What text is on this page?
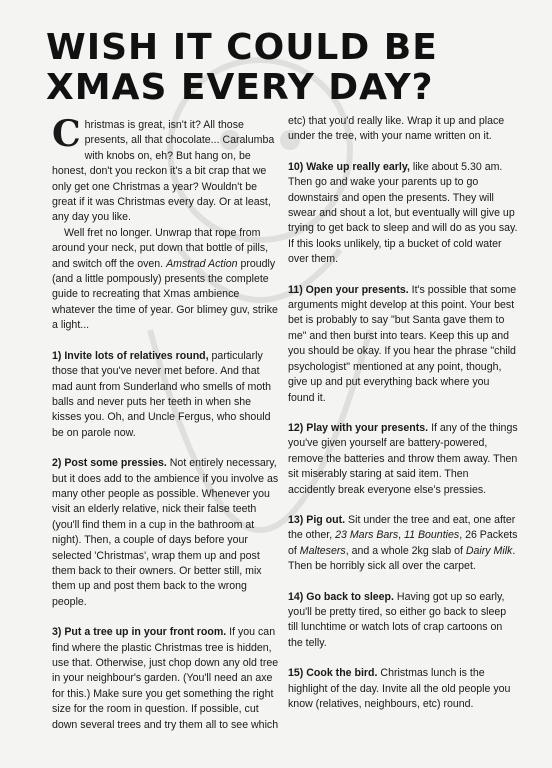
WISH IT COULD BE
XMAS EVERY DAY?

Christmas is great, isn't it? All those presents, all that chocolate... Caralumba with knobs on, eh? But hang on, be honest, don't you reckon it's a bit crap that we only get one Christmas a year? Wouldn't be great if it was Christmas every day. Or at least, any day you like.

Well fret no longer. Unwrap that rope from around your neck, put down that bottle of pills, and switch off the oven. Amstrad Action proudly (and a little pompously) presents the complete guide to recreating that Xmas ambience whatever the time of year. Gor blimey guv, strike a light...

1) Invite lots of relatives round, particularly those that you've never met before. And that mad aunt from Sunderland who smells of moth balls and never puts her teeth in when she kisses you. Oh, and Uncle Fergus, who should be on parole now.

2) Post some pressies. Not entirely necessary, but it does add to the ambience if you involve as many other people as possible. Whenever you visit an elderly relative, nick their false teeth (you'll find them in a cup in the bathroom at night). Then, a couple of days before your selected 'Christmas', wrap them up and post them back to their owners. Or better still, mix them up and post them back to the wrong people.

3) Put a tree up in your front room. If you can find where the plastic Christmas tree is hidden, use that. Otherwise, just chop down any old tree in your neighbour's garden. (You'll need an axe for this.) Make sure you get something the right size for the room in question. If possible, cut down several trees and try them all to see which

etc) that you'd really like. Wrap it up and place under the tree, with your name written on it.

10) Wake up really early, like about 5.30 am. Then go and wake your parents up to go downstairs and open the presents. They will swear and shout a lot, but eventually will give up trying to get back to sleep and will do as you say. If this looks unlikely, tip a bucket of cold water over them.

11) Open your presents. It's possible that some arguments might develop at this point. Your best bet is probably to say "but Santa gave them to me" and then burst into tears. Keep this up and you should be okay. If you hear the phrase "child psychologist" mentioned at any point, though, give up and put everything back where you found it.

12) Play with your presents. If any of the things you've given yourself are battery-powered, remove the batteries and throw them away. Then sit miserably staring at said item. Then accidently break everyone else's pressies.

13) Pig out. Sit under the tree and eat, one after the other, 23 Mars Bars, 11 Bounties, 26 Packets of Maltesers, and a whole 2kg slab of Dairy Milk. Then be horribly sick all over the carpet.

14) Go back to sleep. Having got up so early, you'll be pretty tired, so either go back to sleep till lunchtime or watch lots of crap cartoons on the telly.

15) Cook the bird. Christmas lunch is the highlight of the day. Invite all the old people you know (relatives, neighbours, etc) round.
